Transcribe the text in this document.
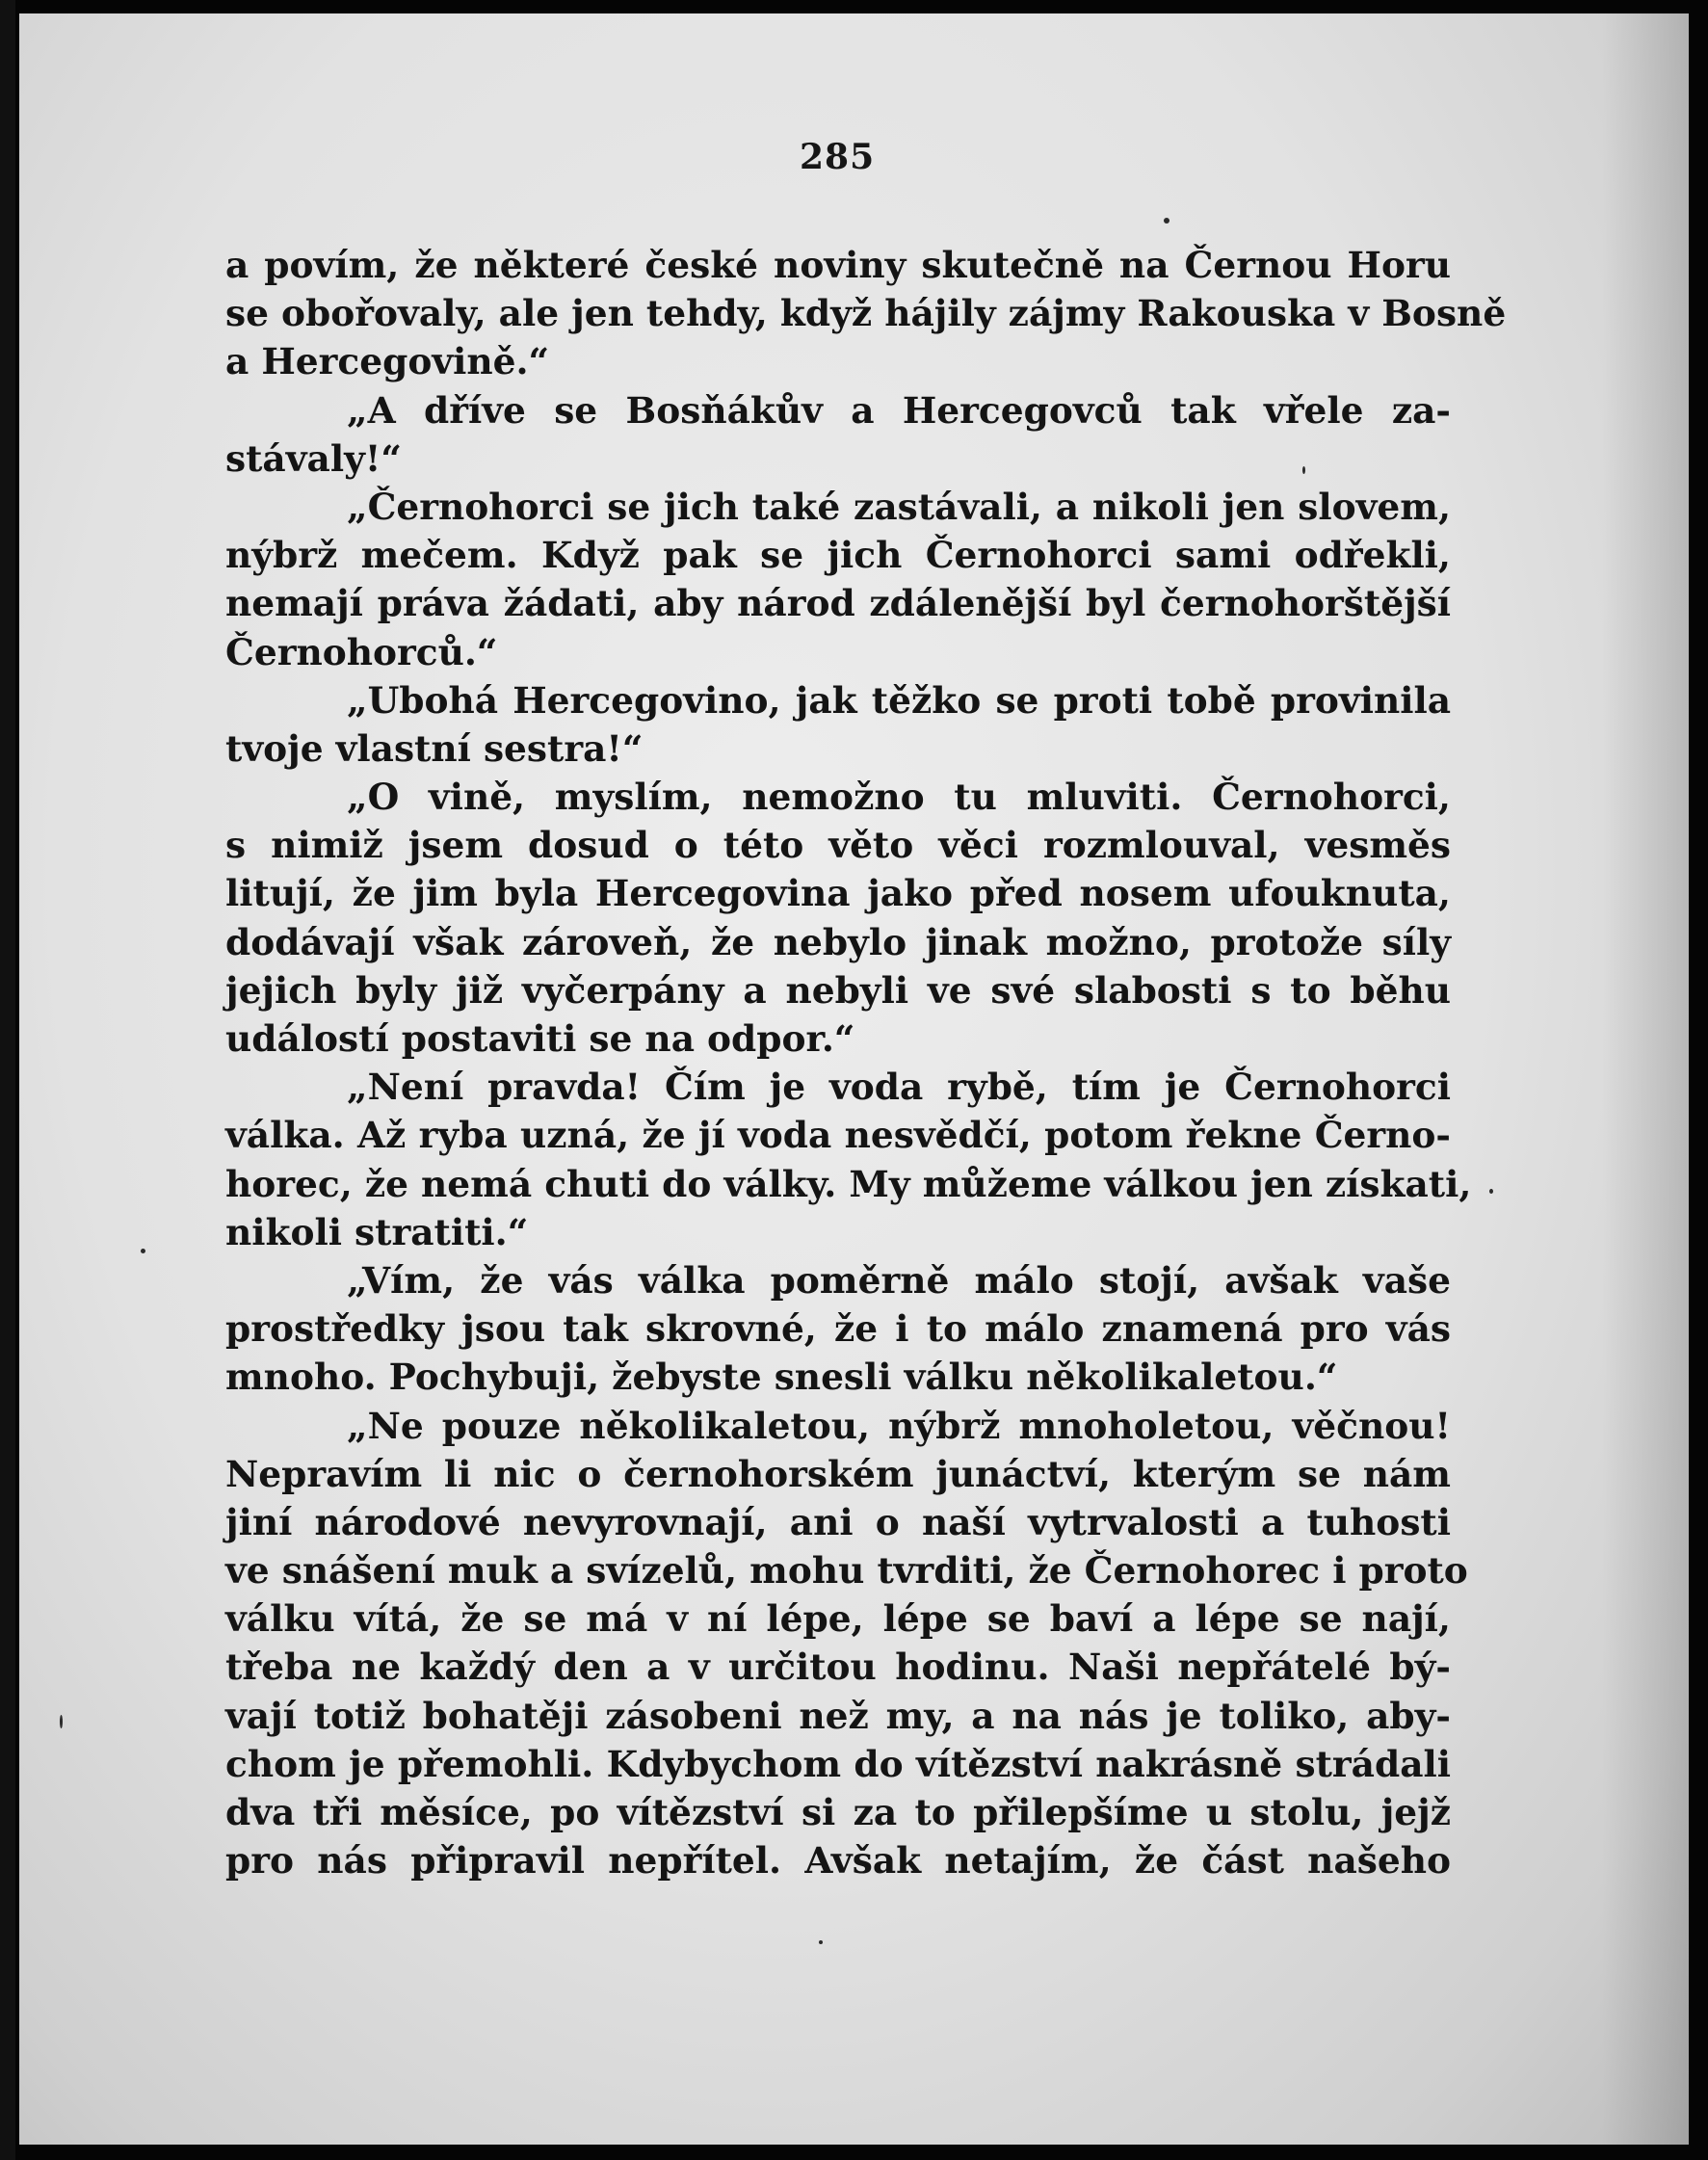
285
a povím, že některé české noviny skutečně na Černou Horu
se obořovaly, ale jen tehdy, když hájily zájmy Rakouska v Bosně
a Hercegovině.“
„A dříve se Bosňákův a Hercegovců tak vřele za-
stávaly!“
„Černohorci se jich také zastávali, a nikoli jen slovem,
nýbrž mečem. Když pak se jich Černohorci sami odřekli,
nemají práva žádati, aby národ zdálenější byl černohorštější
Černohorců.“
„Ubohá Hercegovino, jak těžko se proti tobě provinila
tvoje vlastní sestra!“
„O vině, myslím, nemožno tu mluviti. Černohorci,
s nimiž jsem dosud o této věto věci rozmlouval, vesměs
litují, že jim byla Hercegovina jako před nosem ufouknuta,
dodávají však zároveň, že nebylo jinak možno, protože síly
jejich byly již vyčerpány a nebyli ve své slabosti s to běhu
událostí postaviti se na odpor.“
„Není pravda! Čím je voda rybě, tím je Černohorci
válka. Až ryba uzná, že jí voda nesvědčí, potom řekne Černo-
horec, že nemá chuti do války. My můžeme válkou jen získati,
nikoli stratiti.“
„Vím, že vás válka poměrně málo stojí, avšak vaše
prostředky jsou tak skrovné, že i to málo znamená pro vás
mnoho. Pochybuji, žebyste snesli válku několikaletou.“
„Ne pouze několikaletou, nýbrž mnoholetou, věčnou!
Nepravím li nic o černohorském junáctví, kterým se nám
jiní národové nevyrovnají, ani o naší vytrvalosti a tuhosti
ve snášení muk a svízelů, mohu tvrditi, že Černohorec i proto
válku vítá, že se má v ní lépe, lépe se baví a lépe se nají,
třeba ne každý den a v určitou hodinu. Naši nepřátelé bý-
vají totiž bohatěji zásobeni než my, a na nás je toliko, aby-
chom je přemohli. Kdybychom do vítězství nakrásně strádali
dva tři měsíce, po vítězství si za to přilepšíme u stolu, jejž
pro nás připravil nepřítel. Avšak netajím, že část našeho
